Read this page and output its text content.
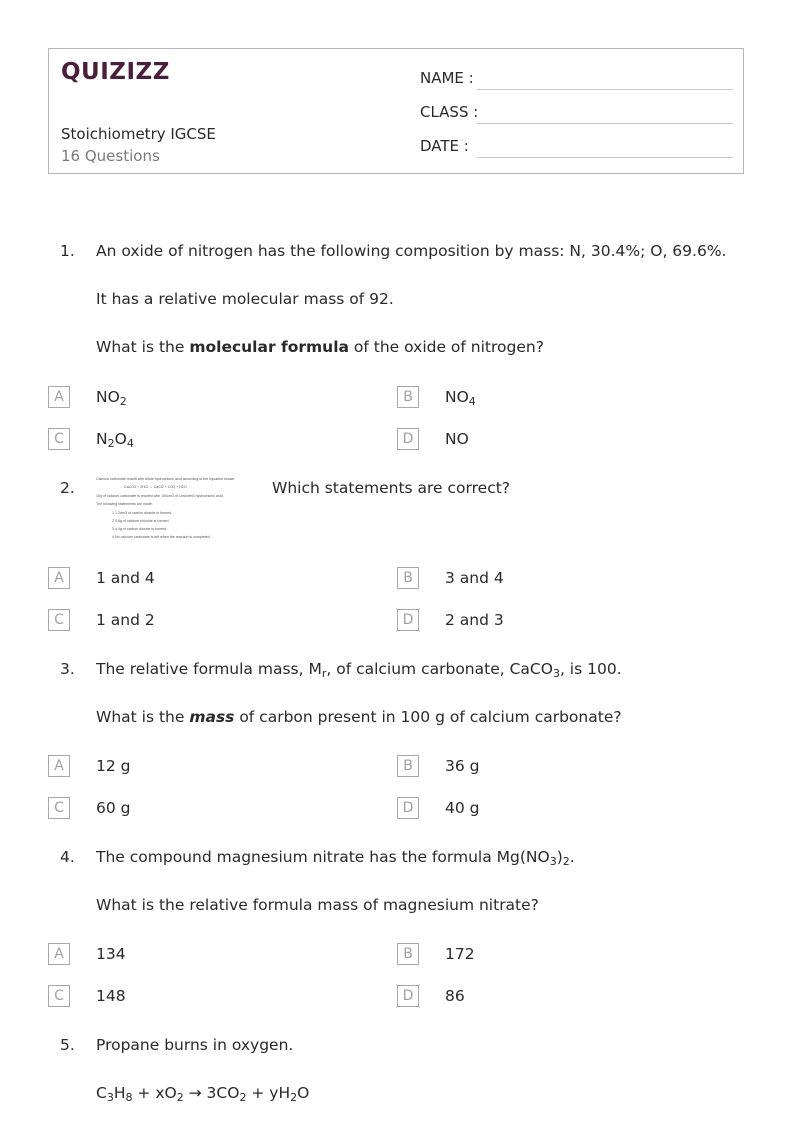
QUIZIZZ
Stoichiometry IGCSE
16 Questions
NAME :
CLASS :
DATE :
1. An oxide of nitrogen has the following composition by mass: N, 30.4%; O, 69.6%.
It has a relative molecular mass of 92.
What is the molecular formula of the oxide of nitrogen?
A	$NO_2$	B	$NO_4$
C	$N_2O_4$	D	NO
2.	Calcium carbonate reacts with dilute hydrochloric acid according to the equation shown.
CaCO3 + 2HCl → CaCl2 + CO2 + H2O
10g of calcium carbonate is reacted with 100cm3 of 1mol/dm3 hydrochloric acid.
The following statements are made.
1 1.2dm3 of carbon dioxide is formed.
2 5.6g of calcium chloride is formed.
3 4.4g of carbon dioxide is formed.
4 No calcium carbonate is left when the reaction is completed.
Which statements are correct?
A	1 and 4	B	3 and 4
C	1 and 2	D	2 and 3
3. The relative formula mass, $M_r$, of calcium carbonate, CaCO$_3$, is 100.
What is the mass of carbon present in 100 g of calcium carbonate?
A	12 g	B	36 g
C	60 g	D	40 g
4. The compound magnesium nitrate has the formula $Mg(NO_3)_2$.
What is the relative formula mass of magnesium nitrate?
A	134	B	172
C	148	D	86
5. Propane burns in oxygen.
$C_3H_8 + xO_2 \to 3CO_2 + yH_2O$
